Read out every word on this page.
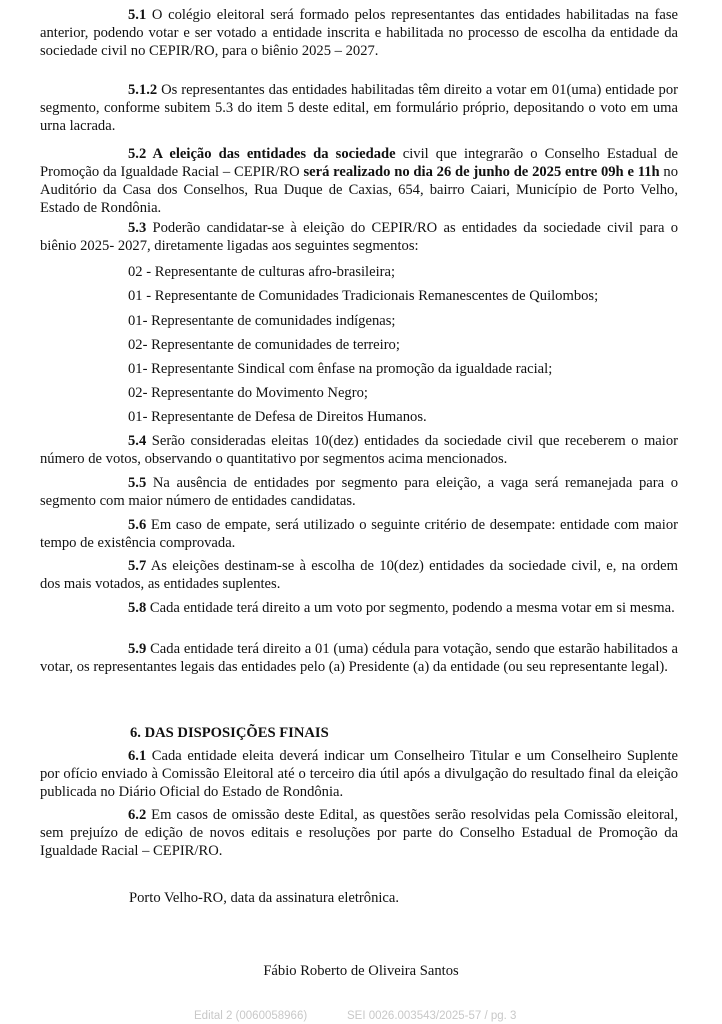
5.1 O colégio eleitoral será formado pelos representantes das entidades habilitadas na fase anterior, podendo votar e ser votado a entidade inscrita e habilitada no processo de escolha da entidade da sociedade civil no CEPIR/RO, para o biênio 2025 – 2027.

5.1.2 Os representantes das entidades habilitadas têm direito a votar em 01(uma) entidade por segmento, conforme subitem 5.3 do item 5 deste edital, em formulário próprio, depositando o voto em uma urna lacrada.

5.2 A eleição das entidades da sociedade civil que integrarão o Conselho Estadual de Promoção da Igualdade Racial – CEPIR/RO será realizado no dia 26 de junho de 2025 entre 09h e 11h no Auditório da Casa dos Conselhos, Rua Duque de Caxias, 654, bairro Caiari, Município de Porto Velho, Estado de Rondônia.

5.3 Poderão candidatar-se à eleição do CEPIR/RO as entidades da sociedade civil para o biênio 2025- 2027, diretamente ligadas aos seguintes segmentos:

02 - Representante de culturas afro-brasileira;
01 - Representante de Comunidades Tradicionais Remanescentes de Quilombos;
01- Representante de comunidades indígenas;
02- Representante de comunidades de terreiro;
01- Representante Sindical com ênfase na promoção da igualdade racial;
02- Representante do Movimento Negro;
01- Representante de Defesa de Direitos Humanos.

5.4 Serão consideradas eleitas 10(dez) entidades da sociedade civil que receberem o maior número de votos, observando o quantitativo por segmentos acima mencionados.

5.5 Na ausência de entidades por segmento para eleição, a vaga será remanejada para o segmento com maior número de entidades candidatas.

5.6 Em caso de empate, será utilizado o seguinte critério de desempate: entidade com maior tempo de existência comprovada.

5.7 As eleições destinam-se à escolha de 10(dez) entidades da sociedade civil, e, na ordem dos mais votados, as entidades suplentes.

5.8 Cada entidade terá direito a um voto por segmento, podendo a mesma votar em si mesma.

5.9 Cada entidade terá direito a 01 (uma) cédula para votação, sendo que estarão habilitados a votar, os representantes legais das entidades pelo (a) Presidente (a) da entidade (ou seu representante legal).

6. DAS DISPOSIÇÕES FINAIS

6.1 Cada entidade eleita deverá indicar um Conselheiro Titular e um Conselheiro Suplente por ofício enviado à Comissão Eleitoral até o terceiro dia útil após a divulgação do resultado final da eleição publicada no Diário Oficial do Estado de Rondônia.

6.2 Em casos de omissão deste Edital, as questões serão resolvidas pela Comissão eleitoral, sem prejuízo de edição de novos editais e resoluções por parte do Conselho Estadual de Promoção da Igualdade Racial – CEPIR/RO.

Porto Velho-RO, data da assinatura eletrônica.
Fábio Roberto de Oliveira Santos
Edital 2 (0060058966)	SEI 0026.003543/2025-57 / pg. 3
